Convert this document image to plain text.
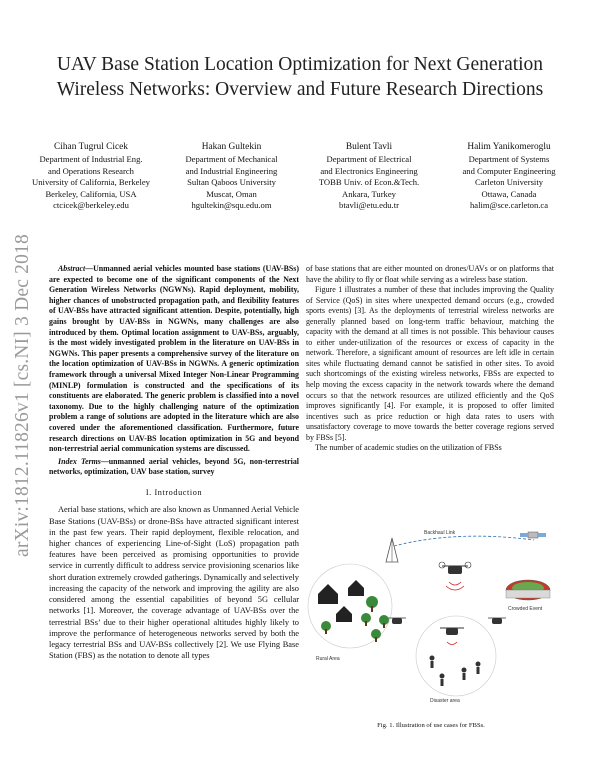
UAV Base Station Location Optimization for Next Generation Wireless Networks: Overview and Future Research Directions
Cihan Tugrul Cicek
Department of Industrial Eng.
and Operations Research
University of California, Berkeley
Berkeley, California, USA
ctcicek@berkeley.edu
Hakan Gultekin
Department of Mechanical
and Industrial Engineering
Sultan Qaboos University
Muscat, Oman
hgultekin@squ.edu.om
Bulent Tavli
Department of Electrical
and Electronics Engineering
TOBB Univ. of Econ.&Tech.
Ankara, Turkey
btavli@etu.edu.tr
Halim Yanikomeroglu
Department of Systems
and Computer Engineering
Carleton University
Ottawa, Canada
halim@sce.carleton.ca
arXiv:1812.11826v1 [cs.NI] 3 Dec 2018	Abstract—Unmanned aerial vehicles mounted base stations (UAV-BSs) are expected to become one of the significant components of the Next Generation Wireless Networks (NGWNs). Rapid deployment, mobility, higher chances of unobstructed propagation path, and flexibility features of UAV-BSs have attracted significant attention. Despite, potentially, high gains brought by UAV-BSs in NGWNs, many challenges are also introduced by them. Optimal location assignment to UAV-BSs, arguably, is the most widely investigated problem in the literature on UAV-BSs in NGWNs. This paper presents a comprehensive survey of the literature on the location optimization of UAV-BSs in NGWNs. A generic optimization framework through a universal Mixed Integer Non-Linear Programming (MINLP) formulation is constructed and the specifications of its constituents are elaborated. The generic problem is classified into a novel taxonomy. Due to the highly challenging nature of the optimization problem a range of solutions are adopted in the literature which are also covered under the aforementioned classification. Furthermore, future research directions on UAV-BS location optimization in 5G and beyond non-terrestrial aerial communication systems are discussed.

Index Terms—unmanned aerial vehicles, beyond 5G, non-terrestrial networks, optimization, UAV base station, survey

I. Introduction

Aerial base stations, which are also known as Unmanned Aerial Vehicle Base Stations (UAV-BSs) or drone-BSs have attracted significant interest in the past few years. Their rapid deployment, flexible relocation, and higher chances of experiencing Line-of-Sight (LoS) propagation path features have been perceived as promising opportunities to provide service in currently difficult to address service provisioning scenarios like short duration extremely crowded gatherings. Dynamically and selectively increasing the capacity of the network and improving the agility are also considered among the essential capabilities of beyond 5G cellular networks [1]. Moreover, the coverage advantage of UAV-BSs over the terrestrial BSs’ due to their higher operational altitudes highly likely to improve the performance of heterogeneous networks served by both the legacy terrestrial BSs and UAV-BSs collectively [2]. We use Flying Base Station (FBS) as the notation to denote all types

of base stations that are either mounted on drones/UAVs or on platforms that have the ability to fly or float while serving as a wireless base station.

Figure 1 illustrates a number of these that includes improving the Quality of Service (QoS) in sites where unexpected demand occurs (e.g., crowded sports events) [3]. As the deployments of terrestrial wireless networks are generally planned based on long-term traffic behaviour, matching the capacity with the demand at all times is not possible. This behaviour causes to either under-utilization of the resources or excess of capacity in the network. Therefore, a significant amount of resources are left idle in certain sites while fluctuating demand cannot be satisfied in other sites. To avoid such shortcomings of the existing wireless networks, FBSs are expected to help moving the excess capacity in the network towards where the demand occurs so that the network resources are utilized efficiently and the QoS improves significantly [4]. For example, it is proposed to offer limited incentives such as price reduction or high data rates to users with unsatisfactory coverage to move towards the better coverage regions served by FBSs [5].

The number of academic studies on the utilization of FBSs

Backhaul Link
Rural Area
Crowded Event
Disaster area
Fig. 1. Illustration of use cases for FBSs.
